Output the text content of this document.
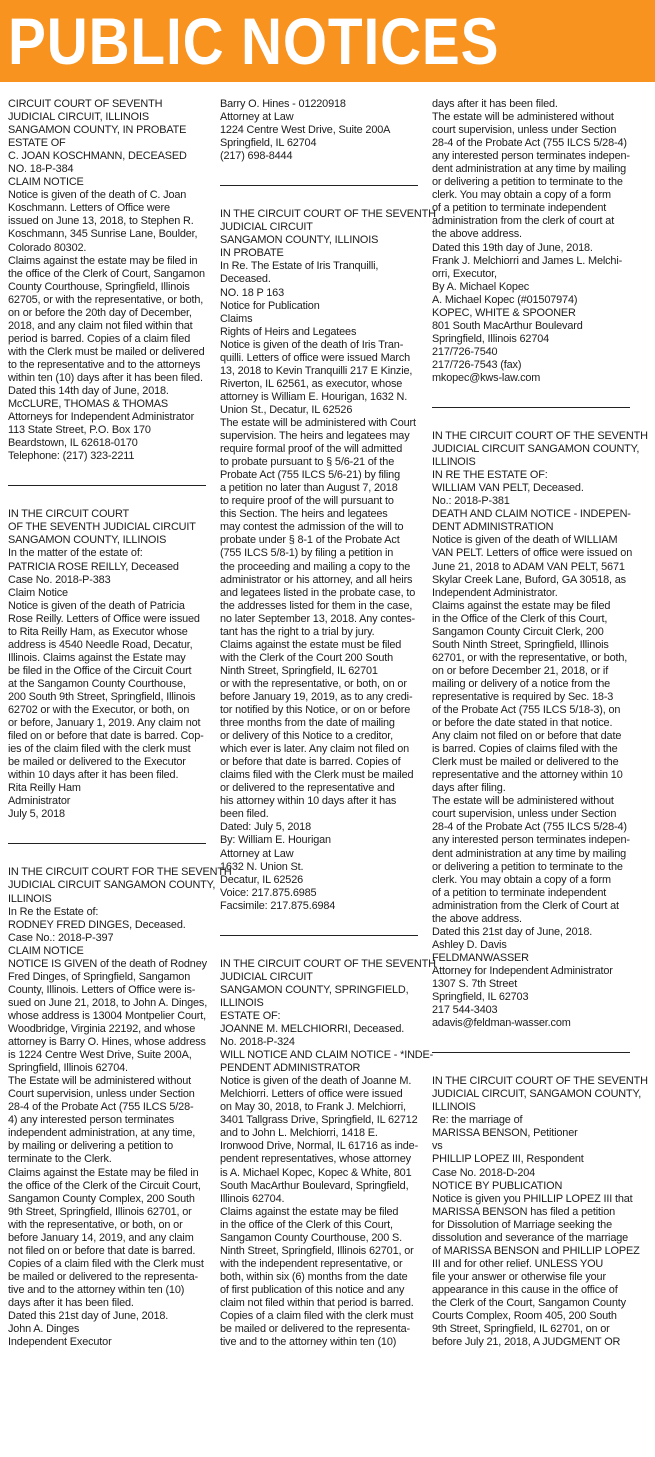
PUBLIC NOTICES
CIRCUIT COURT OF SEVENTH
JUDICIAL CIRCUIT, ILLINOIS
SANGAMON COUNTY, IN PROBATE
ESTATE OF
C. JOAN KOSCHMANN, DECEASED
NO. 18-P-384
CLAIM NOTICE
Notice is given of the death of C. Joan
Koschmann. Letters of Office were
issued on June 13, 2018, to Stephen R.
Koschmann, 345 Sunrise Lane, Boulder,
Colorado 80302.
Claims against the estate may be filed in
the office of the Clerk of Court, Sangamon
County Courthouse, Springfield, Illinois
62705, or with the representative, or both,
on or before the 20th day of December,
2018, and any claim not filed within that
period is barred. Copies of a claim filed
with the Clerk must be mailed or delivered
to the representative and to the attorneys
within ten (10) days after it has been filed.
Dated this 14th day of June, 2018.
McCLURE, THOMAS & THOMAS
Attorneys for Independent Administrator
113 State Street, P.O. Box 170
Beardstown, IL 62618-0170
Telephone: (217) 323-2211
IN THE CIRCUIT COURT
OF THE SEVENTH JUDICIAL CIRCUIT
SANGAMON COUNTY, ILLINOIS
In the matter of the estate of:
PATRICIA ROSE REILLY, Deceased
Case No. 2018-P-383
Claim Notice
Notice is given of the death of Patricia
Rose Reilly. Letters of Office were issued
to Rita Reilly Ham, as Executor whose
address is 4540 Needle Road, Decatur,
Illinois. Claims against the Estate may
be filed in the Office of the Circuit Court
at the Sangamon County Courthouse,
200 South 9th Street, Springfield, Illinois
62702 or with the Executor, or both, on
or before, January 1, 2019. Any claim not
filed on or before that date is barred. Cop-
ies of the claim filed with the clerk must
be mailed or delivered to the Executor
within 10 days after it has been filed.
Rita Reilly Ham
Administrator
July 5, 2018
IN THE CIRCUIT COURT FOR THE SEVENTH
JUDICIAL CIRCUIT SANGAMON COUNTY,
ILLINOIS
In Re the Estate of:
RODNEY FRED DINGES, Deceased.
Case No.: 2018-P-397
CLAIM NOTICE
NOTICE IS GIVEN of the death of Rodney
Fred Dinges, of Springfield, Sangamon
County, Illinois. Letters of Office were is-
sued on June 21, 2018, to John A. Dinges,
whose address is 13004 Montpelier Court,
Woodbridge, Virginia 22192, and whose
attorney is Barry O. Hines, whose address
is 1224 Centre West Drive, Suite 200A,
Springfield, Illinois 62704.
The Estate will be administered without
Court supervision, unless under Section
28-4 of the Probate Act (755 ILCS 5/28-
4) any interested person terminates
independent administration, at any time,
by mailing or delivering a petition to
terminate to the Clerk.
Claims against the Estate may be filed in
the office of the Clerk of the Circuit Court,
Sangamon County Complex, 200 South
9th Street, Springfield, Illinois 62701, or
with the representative, or both, on or
before January 14, 2019, and any claim
not filed on or before that date is barred.
Copies of a claim filed with the Clerk must
be mailed or delivered to the representa-
tive and to the attorney within ten (10)
days after it has been filed.
Dated this 21st day of June, 2018.
John A. Dinges
Independent Executor
Barry O. Hines - 01220918
Attorney at Law
1224 Centre West Drive, Suite 200A
Springfield, IL 62704
(217) 698-8444
IN THE CIRCUIT COURT OF THE SEVENTH
JUDICIAL CIRCUIT
SANGAMON COUNTY, ILLINOIS
IN PROBATE
In Re. The Estate of Iris Tranquilli,
Deceased.
NO. 18 P 163
Notice for Publication
Claims
Rights of Heirs and Legatees
Notice is given of the death of Iris Tran-
quilli. Letters of office were issued March
13, 2018 to Kevin Tranquilli 217 E Kinzie,
Riverton, IL 62561, as executor, whose
attorney is William E. Hourigan, 1632 N.
Union St., Decatur, IL 62526
The estate will be administered with Court
supervision. The heirs and legatees may
require formal proof of the will admitted
to probate pursuant to § 5/6-21 of the
Probate Act (755 ILCS 5/6-21) by filing
a petition no later than August 7, 2018
to require proof of the will pursuant to
this Section. The heirs and legatees
may contest the admission of the will to
probate under § 8-1 of the Probate Act
(755 ILCS 5/8-1) by filing a petition in
the proceeding and mailing a copy to the
administrator or his attorney, and all heirs
and legatees listed in the probate case, to
the addresses listed for them in the case,
no later September 13, 2018. Any contes-
tant has the right to a trial by jury.
Claims against the estate must be filed
with the Clerk of the Court 200 South
Ninth Street, Springfield, IL 62701
or with the representative, or both, on or
before January 19, 2019, as to any credi-
tor notified by this Notice, or on or before
three months from the date of mailing
or delivery of this Notice to a creditor,
which ever is later. Any claim not filed on
or before that date is barred. Copies of
claims filed with the Clerk must be mailed
or delivered to the representative and
his attorney within 10 days after it has
been filed.
Dated: July 5, 2018
By: William E. Hourigan
Attorney at Law
1632 N. Union St.
Decatur, IL 62526
Voice: 217.875.6985
Facsimile: 217.875.6984
IN THE CIRCUIT COURT OF THE SEVENTH
JUDICIAL CIRCUIT
SANGAMON COUNTY, SPRINGFIELD,
ILLINOIS
ESTATE OF:
JOANNE M. MELCHIORRI, Deceased.
No. 2018-P-324
WILL NOTICE AND CLAIM NOTICE - *INDE-
PENDENT ADMINISTRATOR
Notice is given of the death of Joanne M.
Melchiorri. Letters of office were issued
on May 30, 2018, to Frank J. Melchiorri,
3401 Tallgrass Drive, Springfield, IL 62712
and to John L. Melchiorri, 1418 E.
Ironwood Drive, Normal, IL 61716 as inde-
pendent representatives, whose attorney
is A. Michael Kopec, Kopec & White, 801
South MacArthur Boulevard, Springfield,
Illinois 62704.
Claims against the estate may be filed
in the office of the Clerk of this Court,
Sangamon County Courthouse, 200 S.
Ninth Street, Springfield, Illinois 62701, or
with the independent representative, or
both, within six (6) months from the date
of first publication of this notice and any
claim not filed within that period is barred.
Copies of a claim filed with the clerk must
be mailed or delivered to the representa-
tive and to the attorney within ten (10)
days after it has been filed.
The estate will be administered without
court supervision, unless under Section
28-4 of the Probate Act (755 ILCS 5/28-4)
any interested person terminates indepen-
dent administration at any time by mailing
or delivering a petition to terminate to the
clerk. You may obtain a copy of a form
of a petition to terminate independent
administration from the clerk of court at
the above address.
Dated this 19th day of June, 2018.
Frank J. Melchiorri and James L. Melchi-
orri, Executor,
By A. Michael Kopec
A. Michael Kopec (#01507974)
KOPEC, WHITE & SPOONER
801 South MacArthur Boulevard
Springfield, Illinois 62704
217/726-7540
217/726-7543 (fax)
mkopec@kws-law.com
IN THE CIRCUIT COURT OF THE SEVENTH
JUDICIAL CIRCUIT SANGAMON COUNTY,
ILLINOIS
IN RE THE ESTATE OF:
WILLIAM VAN PELT, Deceased.
No.: 2018-P-381
DEATH AND CLAIM NOTICE - INDEPEN-
DENT ADMINISTRATION
Notice is given of the death of WILLIAM
VAN PELT. Letters of office were issued on
June 21, 2018 to ADAM VAN PELT, 5671
Skylar Creek Lane, Buford, GA 30518, as
Independent Administrator.
Claims against the estate may be filed
in the Office of the Clerk of this Court,
Sangamon County Circuit Clerk, 200
South Ninth Street, Springfield, Illinois
62701, or with the representative, or both,
on or before December 21, 2018, or if
mailing or delivery of a notice from the
representative is required by Sec. 18-3
of the Probate Act (755 ILCS 5/18-3), on
or before the date stated in that notice.
Any claim not filed on or before that date
is barred. Copies of claims filed with the
Clerk must be mailed or delivered to the
representative and the attorney within 10
days after filing.
The estate will be administered without
court supervision, unless under Section
28-4 of the Probate Act (755 ILCS 5/28-4)
any interested person terminates indepen-
dent administration at any time by mailing
or delivering a petition to terminate to the
clerk. You may obtain a copy of a form
of a petition to terminate independent
administration from the Clerk of Court at
the above address.
Dated this 21st day of June, 2018.
Ashley D. Davis
FELDMANWASSER
Attorney for Independent Administrator
1307 S. 7th Street
Springfield, IL 62703
217 544-3403
adavis@feldman-wasser.com
IN THE CIRCUIT COURT OF THE SEVENTH
JUDICIAL CIRCUIT, SANGAMON COUNTY,
ILLINOIS
Re: the marriage of
MARISSA BENSON, Petitioner
vs
PHILLIP LOPEZ III, Respondent
Case No. 2018-D-204
NOTICE BY PUBLICATION
Notice is given you PHILLIP LOPEZ III that
MARISSA BENSON has filed a petition
for Dissolution of Marriage seeking the
dissolution and severance of the marriage
of MARISSA BENSON and PHILLIP LOPEZ
III and for other relief. UNLESS YOU
file your answer or otherwise file your
appearance in this cause in the office of
the Clerk of the Court, Sangamon County
Courts Complex, Room 405, 200 South
9th Street, Springfield, IL 62701, on or
before July 21, 2018, A JUDGMENT OR
